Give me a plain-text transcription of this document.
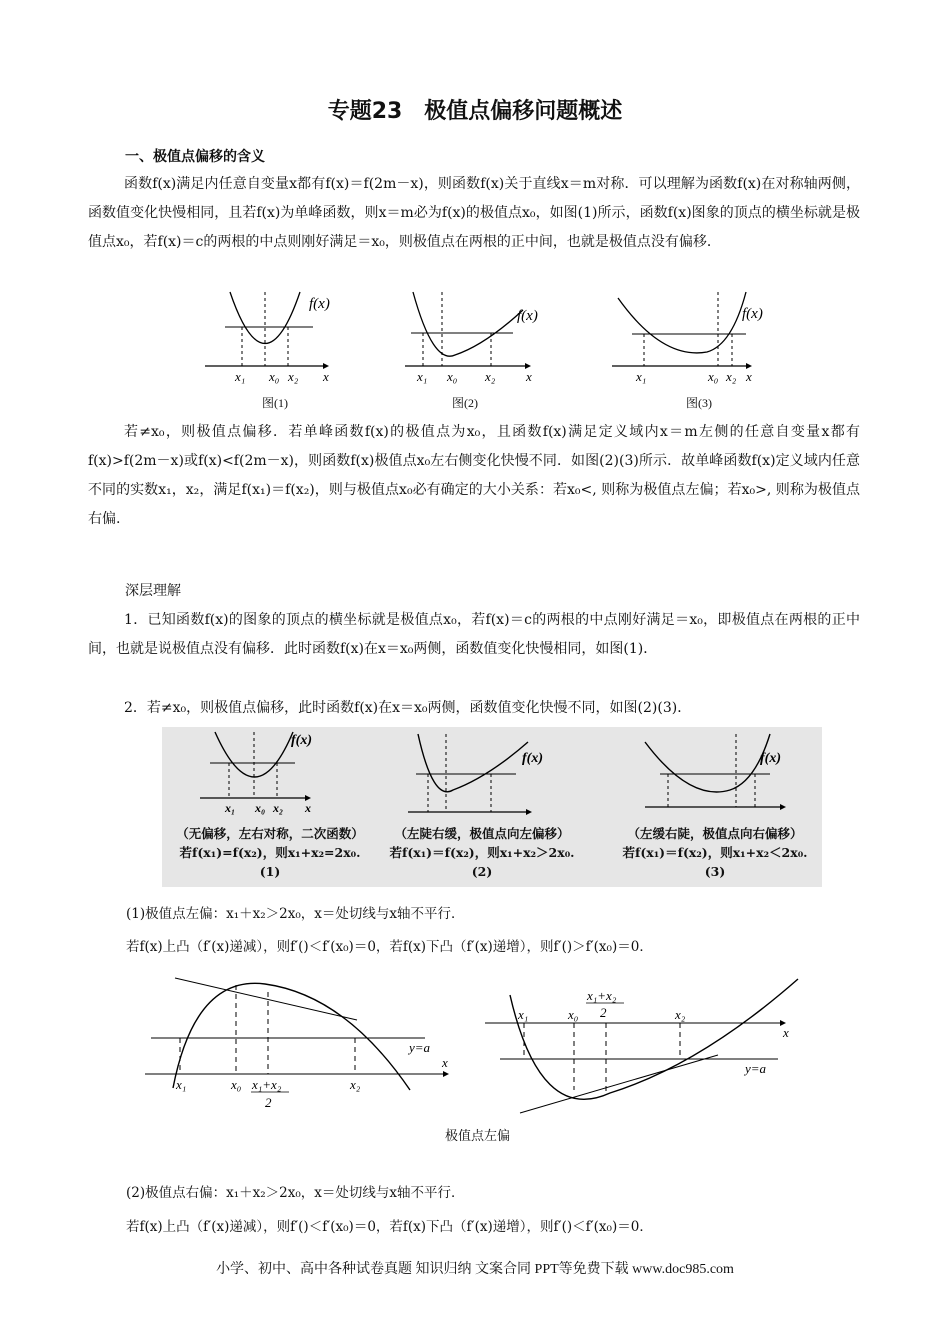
专题23　极值点偏移问题概述
一、极值点偏移的含义

函数f(x)满足内任意自变量x都有f(x)＝f(2m－x)，则函数f(x)关于直线x＝m对称．可以理解为函数f(x)在对称轴两侧，函数值变化快慢相同，且若f(x)为单峰函数，则x＝m必为f(x)的极值点x₀，如图(1)所示，函数f(x)图象的顶点的横坐标就是极值点x₀，若f(x)＝c的两根的中点则刚好满足＝x₀，则极值点在两根的正中间，也就是极值点没有偏移．

f(x)
x₁ x₀ x₂ x
图(1)
f(x)
x₁ x₀ x₂ x
图(2)
f(x)
x₁	x₀ x₂ x
图(3)

若≠x₀，则极值点偏移．若单峰函数f(x)的极值点为x₀，且函数f(x)满足定义域内x＝m左侧的任意自变量x都有f(x)>f(2m－x)或f(x)<f(2m－x)，则函数f(x)极值点x₀左右侧变化快慢不同．如图(2)(3)所示．故单峰函数f(x)定义域内任意不同的实数x₁，x₂，满足f(x₁)＝f(x₂)，则与极值点x₀必有确定的大小关系：若x₀<, 则称为极值点左偏；若x₀>, 则称为极值点右偏.

深层理解

1．已知函数f(x)的图象的顶点的横坐标就是极值点x₀，若f(x)＝c的两根的中点刚好满足＝x₀，即极值点在两根的正中间，也就是说极值点没有偏移．此时函数f(x)在x＝x₀两侧，函数值变化快慢相同，如图(1)．

2．若≠x₀，则极值点偏移，此时函数f(x)在x＝x₀两侧，函数值变化快慢不同，如图(2)(3)．

f(x)
x₁ x₀ x₂ x
f(x)	f(x)
（无偏移，左右对称，二次函数）
若f(x₁)=f(x₂)，则x₁+x₂=2x₀.
(1)
（左陡右缓，极值点向左偏移）
若f(x₁)＝f(x₂)，则x₁+x₂＞2x₀.
(2)
（左缓右陡，极值点向右偏移）
若f(x₁)＝f(x₂)，则x₁+x₂＜2x₀.
(3)
(1)极值点左偏：x₁＋x₂＞2x₀，x＝处切线与x轴不平行．
若f(x)上凸（f′(x)递减），则f′()＜f′(x₀)＝0，若f(x)下凸（f′(x)递增），则f′()＞f′(x₀)＝0．
y=a
x
x₁	x₀ x₁+x₂
2
x₂
x₁	x₀
x₁+x₂
2	x₂
x
y=a
极值点左偏
(2)极值点右偏：x₁＋x₂＞2x₀，x＝处切线与x轴不平行．
若f(x)上凸（f′(x)递减），则f′()＜f′(x₀)＝0，若f(x)下凸（f′(x)递增），则f′()＜f′(x₀)＝0．
小学、初中、高中各种试卷真题 知识归纳 文案合同 PPT等免费下载 www.doc985.com
